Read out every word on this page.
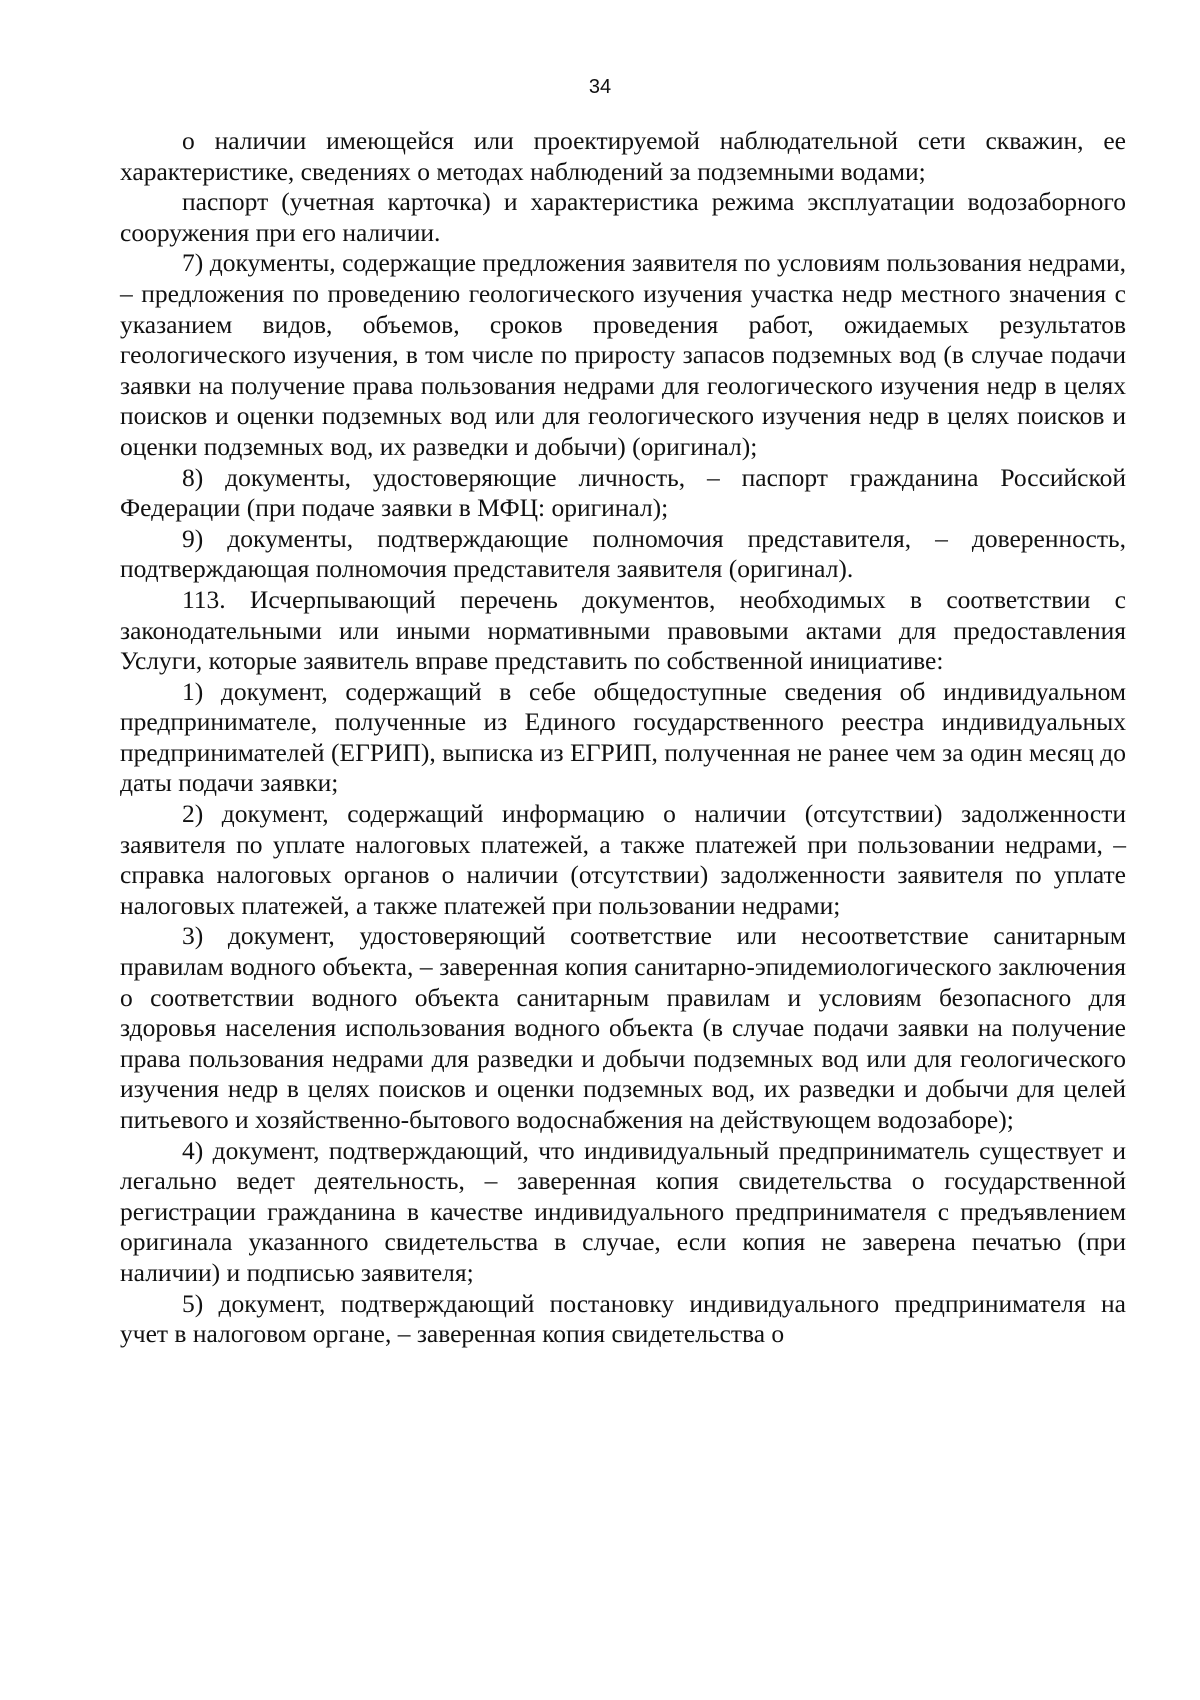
34

о наличии имеющейся или проектируемой наблюдательной сети скважин, ее характеристике, сведениях о методах наблюдений за подземными водами;

паспорт (учетная карточка) и характеристика режима эксплуатации водозаборного сооружения при его наличии.

7) документы, содержащие предложения заявителя по условиям пользования недрами, – предложения по проведению геологического изучения участка недр местного значения с указанием видов, объемов, сроков проведения работ, ожидаемых результатов геологического изучения, в том числе по приросту запасов подземных вод (в случае подачи заявки на получение права пользования недрами для геологического изучения недр в целях поисков и оценки подземных вод или для геологического изучения недр в целях поисков и оценки подземных вод, их разведки и добычи) (оригинал);

8) документы, удостоверяющие личность, – паспорт гражданина Российской Федерации (при подаче заявки в МФЦ: оригинал);

9) документы, подтверждающие полномочия представителя, – доверенность, подтверждающая полномочия представителя заявителя (оригинал).

113. Исчерпывающий перечень документов, необходимых в соответствии с законодательными или иными нормативными правовыми актами для предоставления Услуги, которые заявитель вправе представить по собственной инициативе:

1) документ, содержащий в себе общедоступные сведения об индивидуальном предпринимателе, полученные из Единого государственного реестра индивидуальных предпринимателей (ЕГРИП), выписка из ЕГРИП, полученная не ранее чем за один месяц до даты подачи заявки;

2) документ, содержащий информацию о наличии (отсутствии) задолженности заявителя по уплате налоговых платежей, а также платежей при пользовании недрами, – справка налоговых органов о наличии (отсутствии) задолженности заявителя по уплате налоговых платежей, а также платежей при пользовании недрами;

3) документ, удостоверяющий соответствие или несоответствие санитарным правилам водного объекта, – заверенная копия санитарно-эпидемиологического заключения о соответствии водного объекта санитарным правилам и условиям безопасного для здоровья населения использования водного объекта (в случае подачи заявки на получение права пользования недрами для разведки и добычи подземных вод или для геологического изучения недр в целях поисков и оценки подземных вод, их разведки и добычи для целей питьевого и хозяйственно-бытового водоснабжения на действующем водозаборе);

4) документ, подтверждающий, что индивидуальный предприниматель существует и легально ведет деятельность, – заверенная копия свидетельства о государственной регистрации гражданина в качестве индивидуального предпринимателя с предъявлением оригинала указанного свидетельства в случае, если копия не заверена печатью (при наличии) и подписью заявителя;

5) документ, подтверждающий постановку индивидуального предпринимателя на учет в налоговом органе, – заверенная копия свидетельства о
